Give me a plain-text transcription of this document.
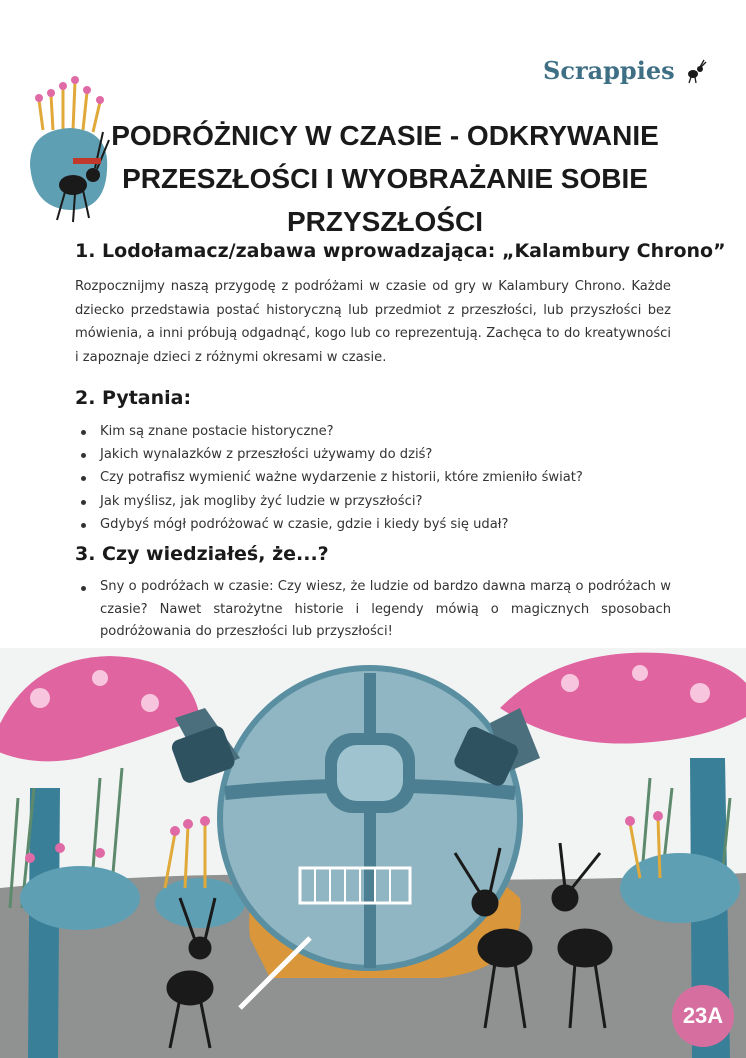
Scrappies
PODRÓŻNICY W CZASIE - ODKRYWANIE PRZESZŁOŚCI I WYOBRAŻANIE SOBIE PRZYSZŁOŚCI
1. Lodołamacz/zabawa wprowadzająca: „Kalambury Chrono”

Rozpocznijmy naszą przygodę z podróżami w czasie od gry w Kalambury Chrono. Każde dziecko przedstawia postać historyczną lub przedmiot z przeszłości, lub przyszłości bez mówienia, a inni próbują odgadnąć, kogo lub co reprezentują. Zachęca to do kreatywności i zapoznaje dzieci z różnymi okresami w czasie.

2. Pytania:
Kim są znane postacie historyczne?
Jakich wynalazków z przeszłości używamy do dziś?
Czy potrafisz wymienić ważne wydarzenie z historii, które zmieniło świat?
Jak myślisz, jak mogliby żyć ludzie w przyszłości?
Gdybyś mógł podróżować w czasie, gdzie i kiedy byś się udał?
3. Czy wiedziałeś, że...?
Sny o podróżach w czasie: Czy wiesz, że ludzie od bardzo dawna marzą o podróżach w czasie? Nawet starożytne historie i legendy mówią o magicznych sposobach podróżowania do przeszłości lub przyszłości!
23A
